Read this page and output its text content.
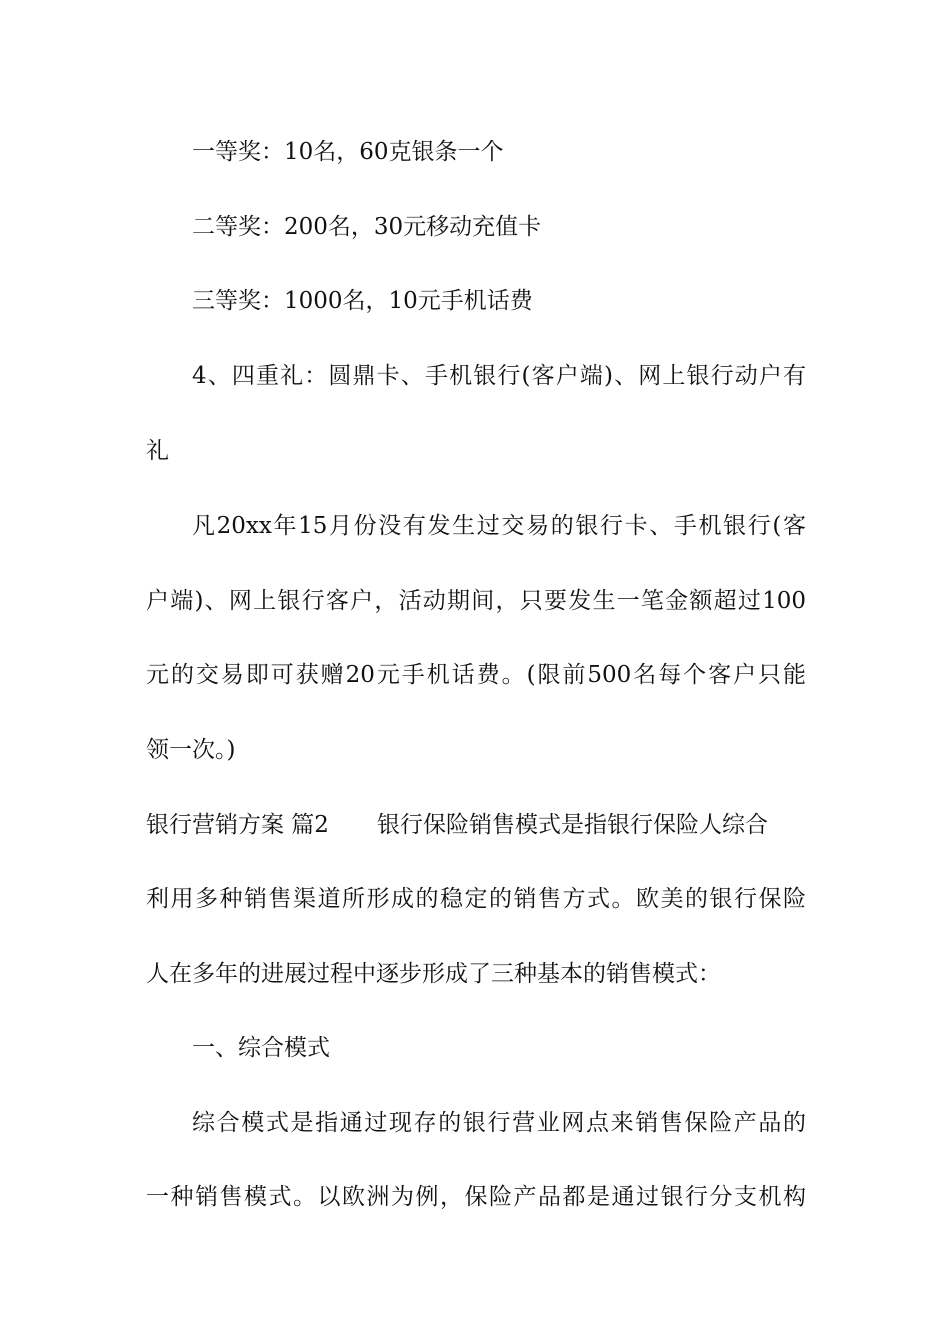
一等奖：10名，60克银条一个
二等奖：200名，30元移动充值卡
三等奖：1000名，10元手机话费
4、四重礼：圆鼎卡、手机银行(客户端)、网上银行动户有
礼
凡20xx年15月份没有发生过交易的银行卡、手机银行(客
户端)、网上银行客户，活动期间，只要发生一笔金额超过100
元的交易即可获赠20元手机话费。(限前500名每个客户只能
领一次。)
银行营销方案 篇2 银行保险销售模式是指银行保险人综合
利用多种销售渠道所形成的稳定的销售方式。欧美的银行保险
人在多年的进展过程中逐步形成了三种基本的销售模式：
一、综合模式
综合模式是指通过现存的银行营业网点来销售保险产品的
一种销售模式。以欧洲为例，保险产品都是通过银行分支机构
